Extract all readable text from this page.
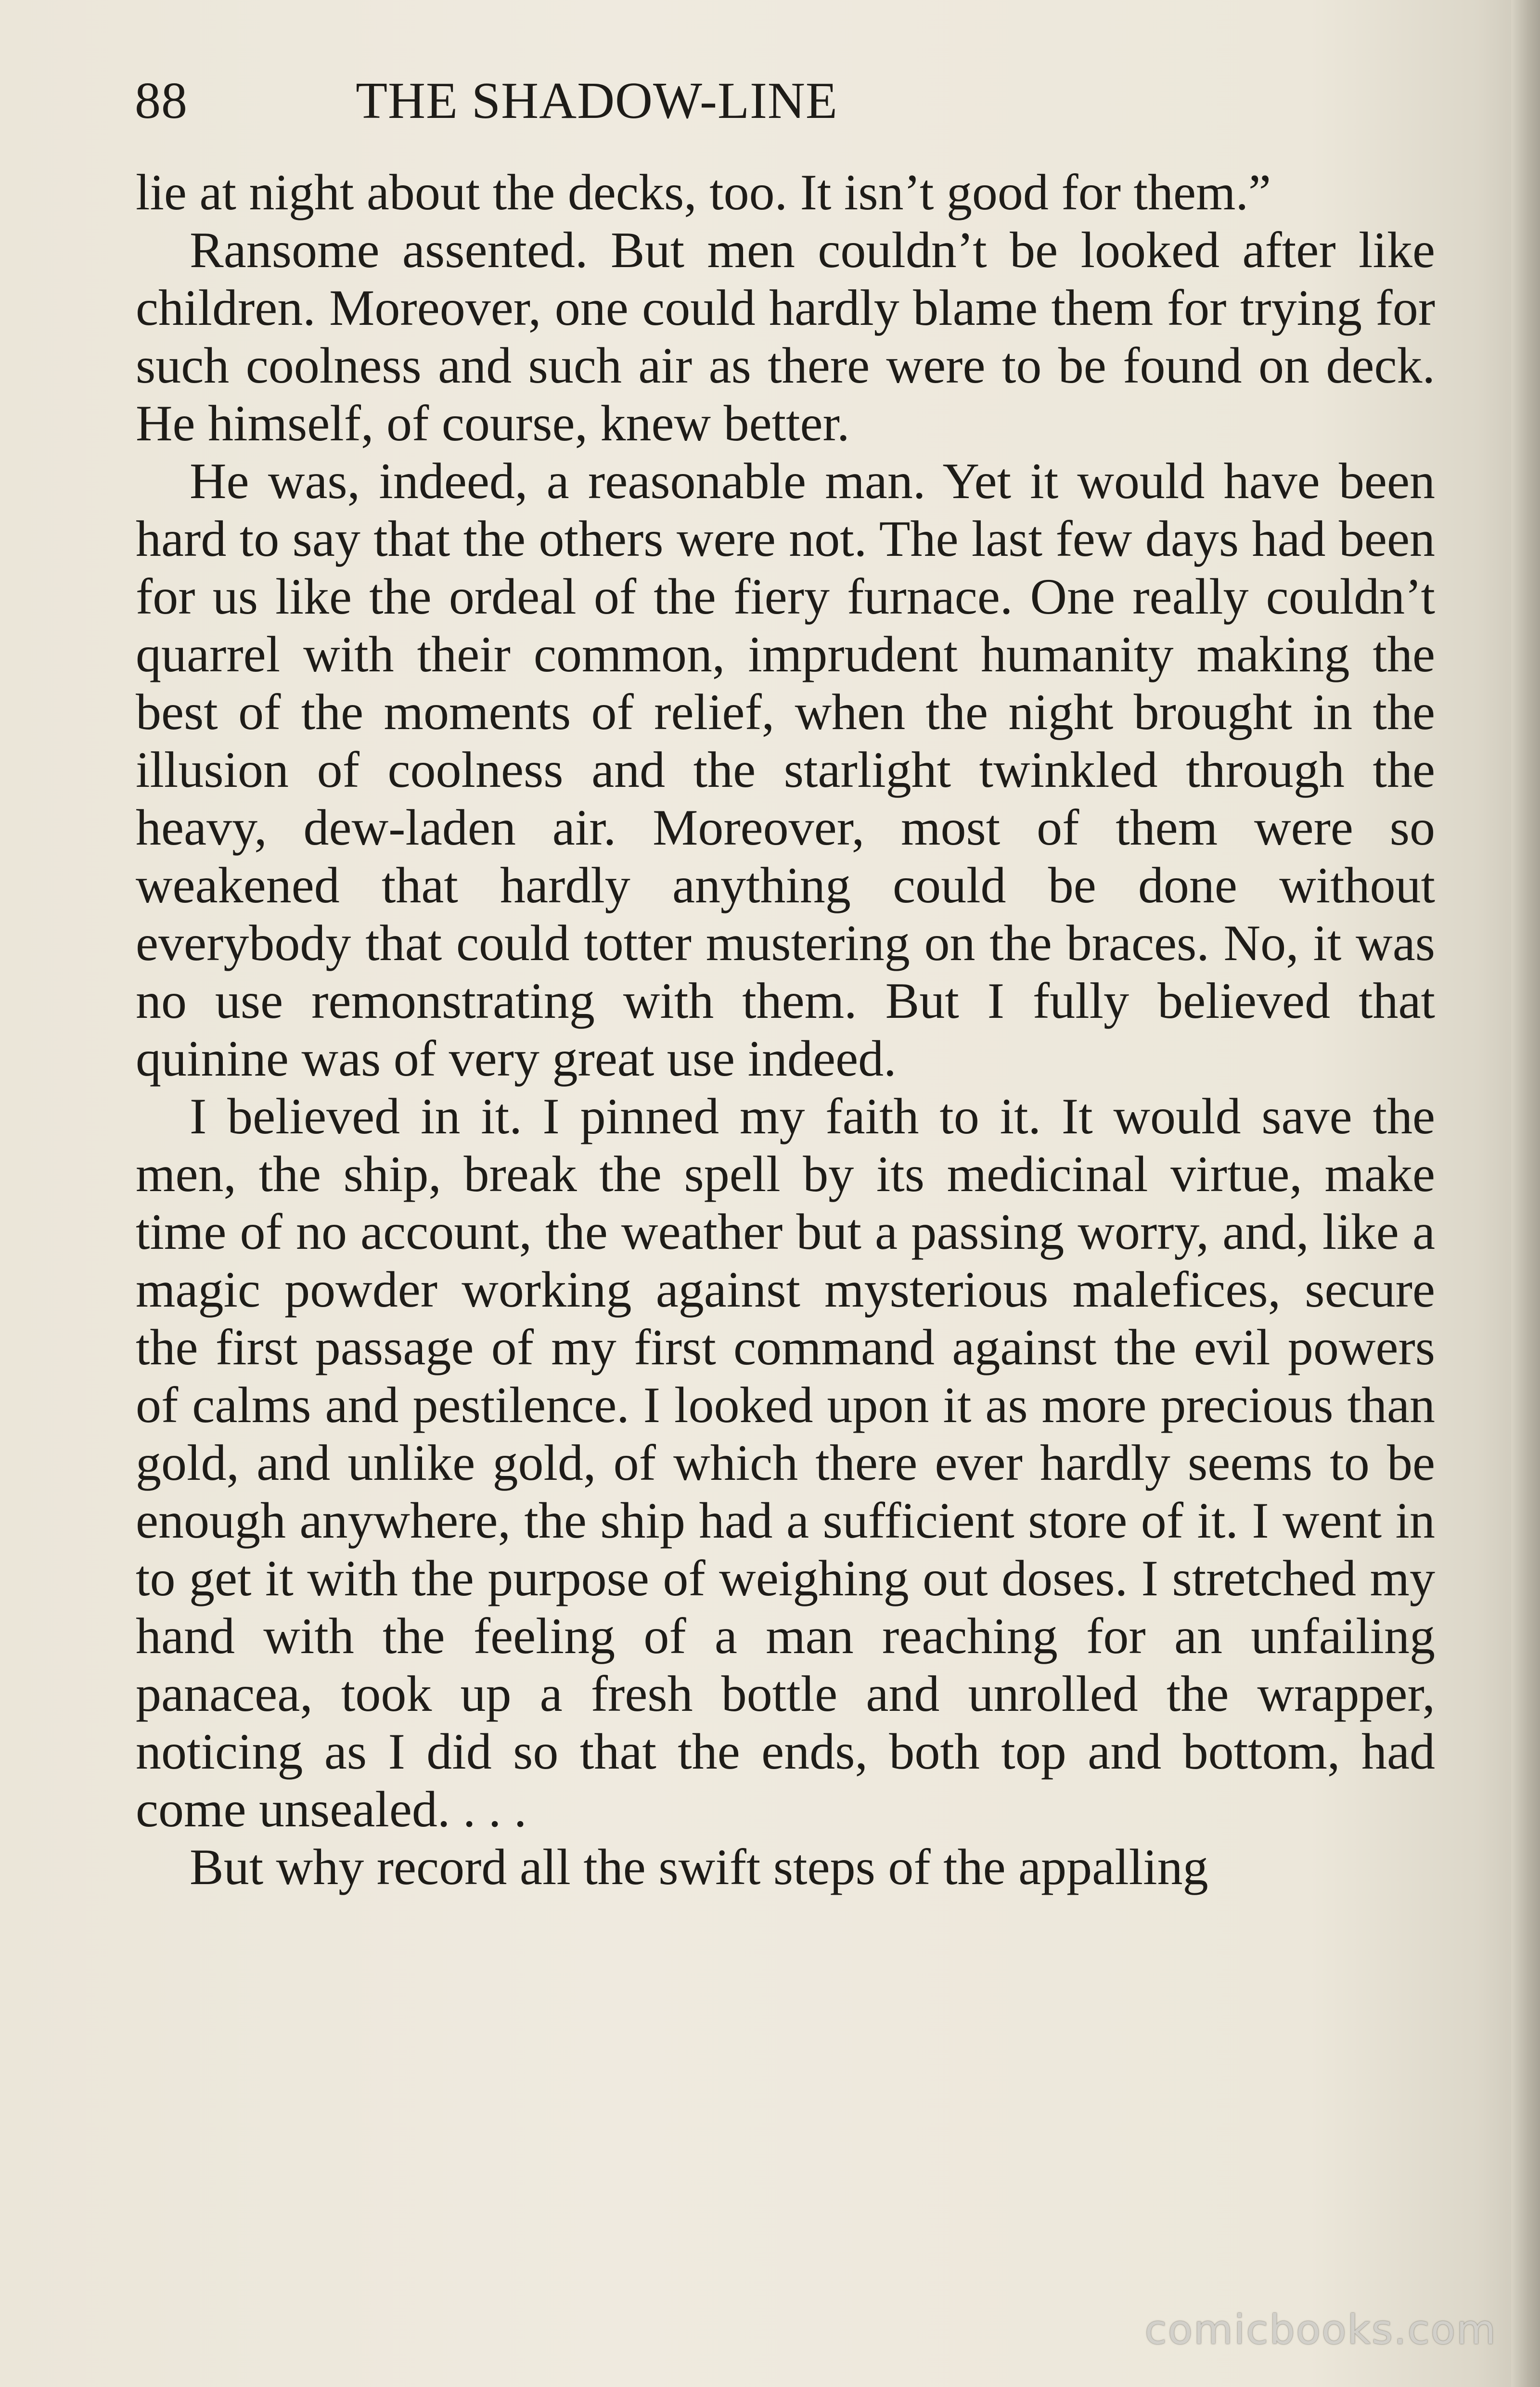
88	THE SHADOW-LINE

lie at night about the decks, too. It isn’t good for them.”

Ransome assented. But men couldn’t be looked after like children. Moreover, one could hardly blame them for trying for such coolness and such air as there were to be found on deck. He himself, of course, knew better.

He was, indeed, a reasonable man. Yet it would have been hard to say that the others were not. The last few days had been for us like the ordeal of the fiery furnace. One really couldn’t quarrel with their common, imprudent humanity making the best of the moments of relief, when the night brought in the illusion of coolness and the starlight twinkled through the heavy, dew-laden air. Moreover, most of them were so weakened that hardly anything could be done without everybody that could totter mustering on the braces. No, it was no use remonstrating with them. But I fully believed that quinine was of very great use indeed.

I believed in it. I pinned my faith to it. It would save the men, the ship, break the spell by its medicinal virtue, make time of no account, the weather but a passing worry, and, like a magic powder working against mysterious malefices, secure the first passage of my first command against the evil powers of calms and pestilence. I looked upon it as more precious than gold, and unlike gold, of which there ever hardly seems to be enough anywhere, the ship had a sufficient store of it. I went in to get it with the purpose of weighing out doses. I stretched my hand with the feeling of a man reaching for an unfailing panacea, took up a fresh bottle and unrolled the wrapper, noticing as I did so that the ends, both top and bottom, had come unsealed. . . .

But why record all the swift steps of the appalling

comicbooks.com
